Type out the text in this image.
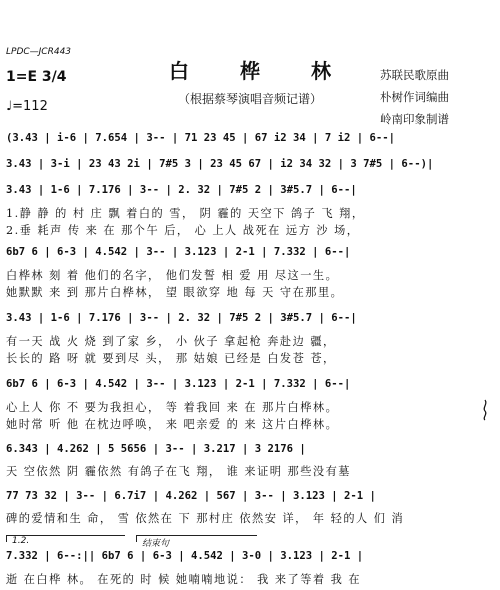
LPDC—JCR443
白 桦 林
（根据蔡琴演唱音频记谱）
1=E 3/4
♩=112
苏联民歌原曲
朴树作词编曲
岭南印象制谱
(3.43 | i-6 | 7.654 | 3-- | 71 23 45 | 67 i2 34 | 7 i2 | 6--|
3.43 | 3-i | 23 43 2i | 7#5 3 | 23 45 67 | i2 34 32 | 3 7#5 | 6--)|
3.43 | 1-6 | 7.176 | 3-- | 2. 32 | 7#5 2 | 3#5.7 | 6--|
1.静 静 的 村 庄 飘 着白的 雪， 阴 霾的 天空下 鸽子 飞 翔，
2.垂 耗声 传 来 在 那个午 后， 心 上人 战死在 远方 沙 场，
6b7 6 | 6-3 | 4.542 | 3-- | 3.123 | 2-1 | 7.332 | 6--|
白桦林 刻 着 他们的名字， 他们发誓 相 爱 用 尽这一生。
她默默 来 到 那片白桦林， 望 眼欲穿 地 每 天 守在那里。
3.43 | 1-6 | 7.176 | 3-- | 2. 32 | 7#5 2 | 3#5.7 | 6--|
有一天 战 火 烧 到了家 乡， 小 伙子 拿起枪 奔赴边 疆，
长长的 路 呀 就 要到尽 头， 那 姑娘 已经是 白发苍 苍，
6b7 6 | 6-3 | 4.542 | 3-- | 3.123 | 2-1 | 7.332 | 6--|
心上人 你 不 要为我担心， 等 着我回 来 在 那片白桦林。
她时常 听 他 在枕边呼唤， 来 吧亲爱 的 来 这片白桦林。
6.343 | 4.262 | 5 5656 | 3-- | 3.217 | 3 2176 |
天 空依然 阴 霾依然 有鸽子在飞 翔， 谁 来证明 那些没有墓
77 73 32 | 3-- | 6.7i7 | 4.262 | 567 | 3-- | 3.123 | 2-1 |
碑的爱情和生 命， 雪 依然在 下 那村庄 依然安 详， 年 轻的人 们 消
1.2.	结束句
7.332 | 6--:|| 6b7 6 | 6-3 | 4.542 | 3-0 | 3.123 | 2-1 |
逝 在白桦 林。 在死的 时 候 她喃喃地说： 我 来了等着 我 在
